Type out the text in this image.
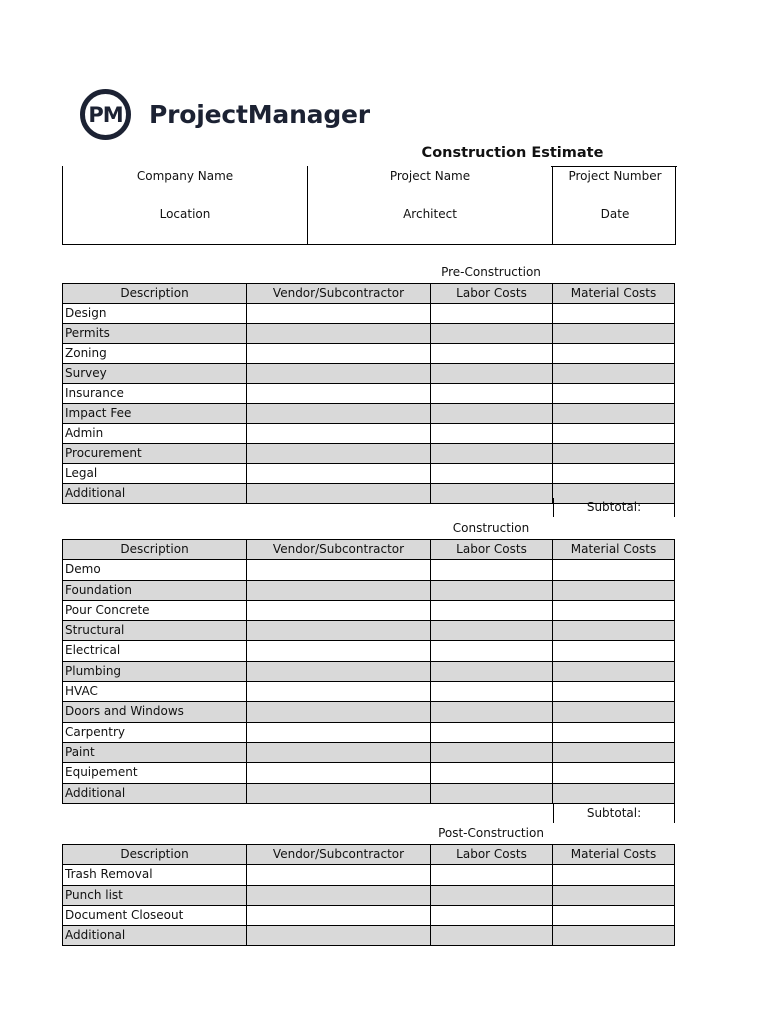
PM	ProjectManager
Construction Estimate
Company Name	Project Name	Project Number
Location	Architect	Date
Pre-Construction
Construction
Post-Construction
Description	Vendor/Subcontractor	Labor Costs	Material Costs
Design			
Permits			
Zoning			
Survey			
Insurance			
Impact Fee			
Admin			
Procurement			
Legal			
Additional			
Subtotal:
Description	Vendor/Subcontractor	Labor Costs	Material Costs
Demo			
Foundation			
Pour Concrete			
Structural			
Electrical			
Plumbing			
HVAC			
Doors and Windows			
Carpentry			
Paint			
Equipement			
Additional			
Subtotal:
Description	Vendor/Subcontractor	Labor Costs	Material Costs
Trash Removal			
Punch list			
Document Closeout			
Additional			
